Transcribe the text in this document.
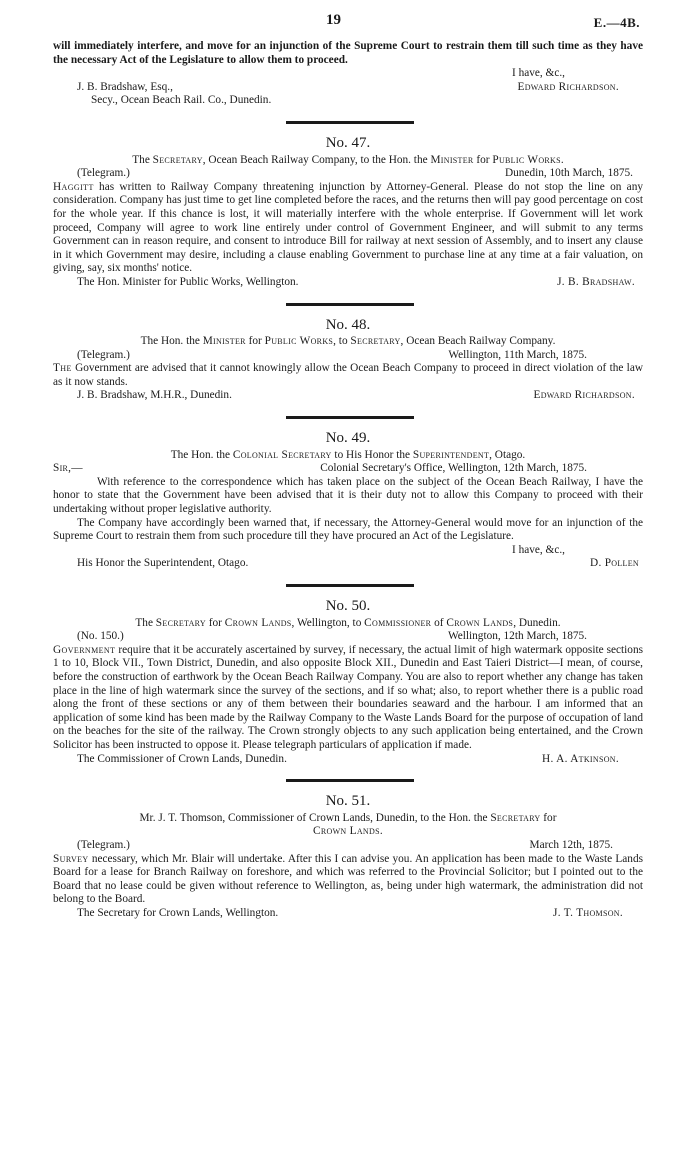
19	E.—4B.

will immediately interfere, and move for an injunction of the Supreme Court to restrain them till such time as they have the necessary Act of the Legislature to allow them to proceed.

I have, &c.,
J. B. Bradshaw, Esq.,	Edward Richardson.
Secy., Ocean Beach Rail. Co., Dunedin.
No. 47.
The Secretary, Ocean Beach Railway Company, to the Hon. the Minister for Public Works.
(Telegram.)	Dunedin, 10th March, 1875.

Haggitt has written to Railway Company threatening injunction by Attorney-General. Please do not stop the line on any consideration. Company has just time to get line completed before the races, and the returns then will pay good percentage on cost for the whole year. If this chance is lost, it will materially interfere with the whole enterprise. If Government will let work proceed, Company will agree to work line entirely under control of Government Engineer, and will submit to any terms Government can in reason require, and consent to introduce Bill for railway at next session of Assembly, and to insert any clause in it which Government may desire, including a clause enabling Government to purchase line at any time at a fair valuation, on giving, say, six months' notice.

The Hon. Minister for Public Works, Wellington.	J. B. Bradshaw.
No. 48.
The Hon. the Minister for Public Works, to Secretary, Ocean Beach Railway Company.
(Telegram.)	Wellington, 11th March, 1875.

The Government are advised that it cannot knowingly allow the Ocean Beach Company to proceed in direct violation of the law as it now stands.

J. B. Bradshaw, M.H.R., Dunedin.	Edward Richardson.
No. 49.
The Hon. the Colonial Secretary to His Honor the Superintendent, Otago.
Sir,—	Colonial Secretary's Office, Wellington, 12th March, 1875.

With reference to the correspondence which has taken place on the subject of the Ocean Beach Railway, I have the honor to state that the Government have been advised that it is their duty not to allow this Company to proceed with their undertaking without proper legislative authority.

The Company have accordingly been warned that, if necessary, the Attorney-General would move for an injunction of the Supreme Court to restrain them from such procedure till they have procured an Act of the Legislature.

I have, &c.,
His Honor the Superintendent, Otago.	D. Pollen
No. 50.
The Secretary for Crown Lands, Wellington, to Commissioner of Crown Lands, Dunedin.
(No. 150.)	Wellington, 12th March, 1875.

Government require that it be accurately ascertained by survey, if necessary, the actual limit of high watermark opposite sections 1 to 10, Block VII., Town District, Dunedin, and also opposite Block XII., Dunedin and East Taieri District—I mean, of course, before the construction of earthwork by the Ocean Beach Railway Company. You are also to report whether any change has taken place in the line of high watermark since the survey of the sections, and if so what; also, to report whether there is a public road along the front of these sections or any of them between their boundaries seaward and the harbour. I am informed that an application of some kind has been made by the Railway Company to the Waste Lands Board for the purpose of occupation of land on the beaches for the site of the railway. The Crown strongly objects to any such application being entertained, and the Crown Solicitor has been instructed to oppose it. Please telegraph particulars of application if made.

The Commissioner of Crown Lands, Dunedin.	H. A. Atkinson.
No. 51.
Mr. J. T. Thomson, Commissioner of Crown Lands, Dunedin, to the Hon. the Secretary for
Crown Lands.
(Telegram.)	March 12th, 1875.

Survey necessary, which Mr. Blair will undertake. After this I can advise you. An application has been made to the Waste Lands Board for a lease for Branch Railway on foreshore, and which was referred to the Provincial Solicitor; but I pointed out to the Board that no lease could be given without reference to Wellington, as, being under high watermark, the administration did not belong to the Board.

The Secretary for Crown Lands, Wellington.	J. T. Thomson.
